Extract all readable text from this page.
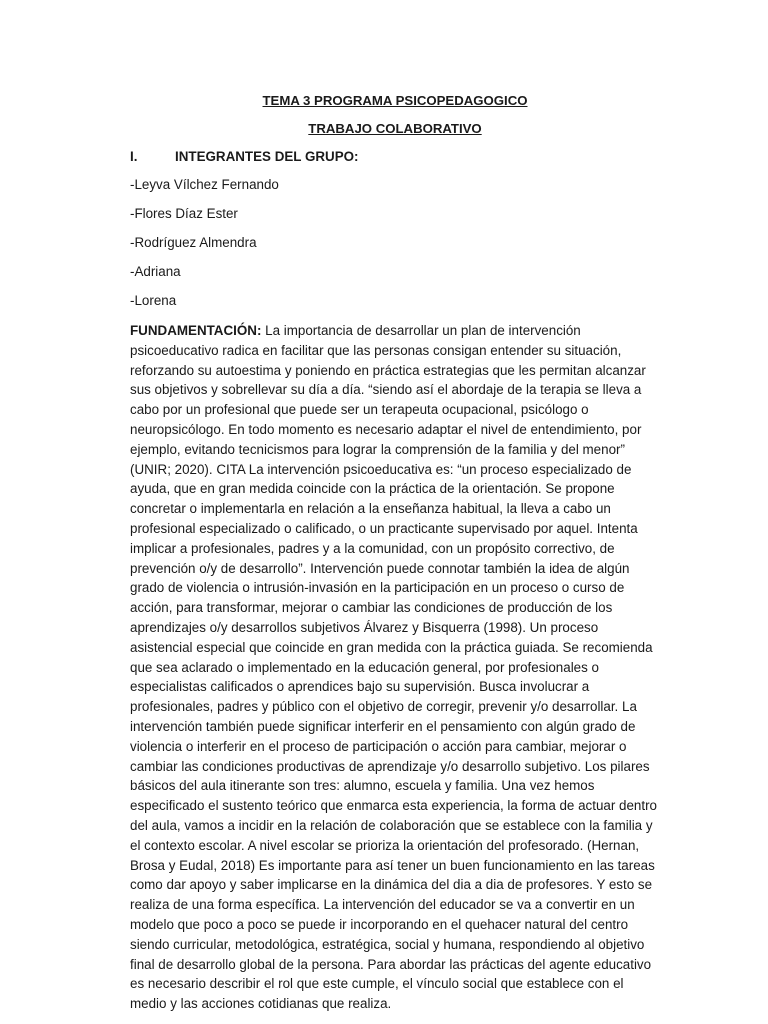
TEMA 3 PROGRAMA PSICOPEDAGOGICO
TRABAJO COLABORATIVO
I.	INTEGRANTES DEL GRUPO:
-Leyva Vílchez Fernando
-Flores Díaz Ester
-Rodríguez Almendra
-Adriana
-Lorena

FUNDAMENTACIÓN: La importancia de desarrollar un plan de intervención psicoeducativo radica en facilitar que las personas consigan entender su situación, reforzando su autoestima y poniendo en práctica estrategias que les permitan alcanzar sus objetivos y sobrellevar su día a día. “siendo así el abordaje de la terapia se lleva a cabo por un profesional que puede ser un terapeuta ocupacional, psicólogo o neuropsicólogo. En todo momento es necesario adaptar el nivel de entendimiento, por ejemplo, evitando tecnicismos para lograr la comprensión de la familia y del menor” (UNIR; 2020). CITA La intervención psicoeducativa es: “un proceso especializado de ayuda, que en gran medida coincide con la práctica de la orientación. Se propone concretar o implementarla en relación a la enseñanza habitual, la lleva a cabo un profesional especializado o calificado, o un practicante supervisado por aquel. Intenta implicar a profesionales, padres y a la comunidad, con un propósito correctivo, de prevención o/y de desarrollo”. Intervención puede connotar también la idea de algún grado de violencia o intrusión-invasión en la participación en un proceso o curso de acción, para transformar, mejorar o cambiar las condiciones de producción de los aprendizajes o/y desarrollos subjetivos Álvarez y Bisquerra (1998). Un proceso asistencial especial que coincide en gran medida con la práctica guiada. Se recomienda que sea aclarado o implementado en la educación general, por profesionales o especialistas calificados o aprendices bajo su supervisión. Busca involucrar a profesionales, padres y público con el objetivo de corregir, prevenir y/o desarrollar. La intervención también puede significar interferir en el pensamiento con algún grado de violencia o interferir en el proceso de participación o acción para cambiar, mejorar o cambiar las condiciones productivas de aprendizaje y/o desarrollo subjetivo. Los pilares básicos del aula itinerante son tres: alumno, escuela y familia. Una vez hemos especificado el sustento teórico que enmarca esta experiencia, la forma de actuar dentro del aula, vamos a incidir en la relación de colaboración que se establece con la familia y el contexto escolar. A nivel escolar se prioriza la orientación del profesorado. (Hernan, Brosa y Eudal, 2018) Es importante para así tener un buen funcionamiento en las tareas como dar apoyo y saber implicarse en la dinámica del dia a dia de profesores. Y esto se realiza de una forma específica. La intervención del educador se va a convertir en un modelo que poco a poco se puede ir incorporando en el quehacer natural del centro siendo curricular, metodológica, estratégica, social y humana, respondiendo al objetivo final de desarrollo global de la persona. Para abordar las prácticas del agente educativo es necesario describir el rol que este cumple, el vínculo social que establece con el medio y las acciones cotidianas que realiza.
